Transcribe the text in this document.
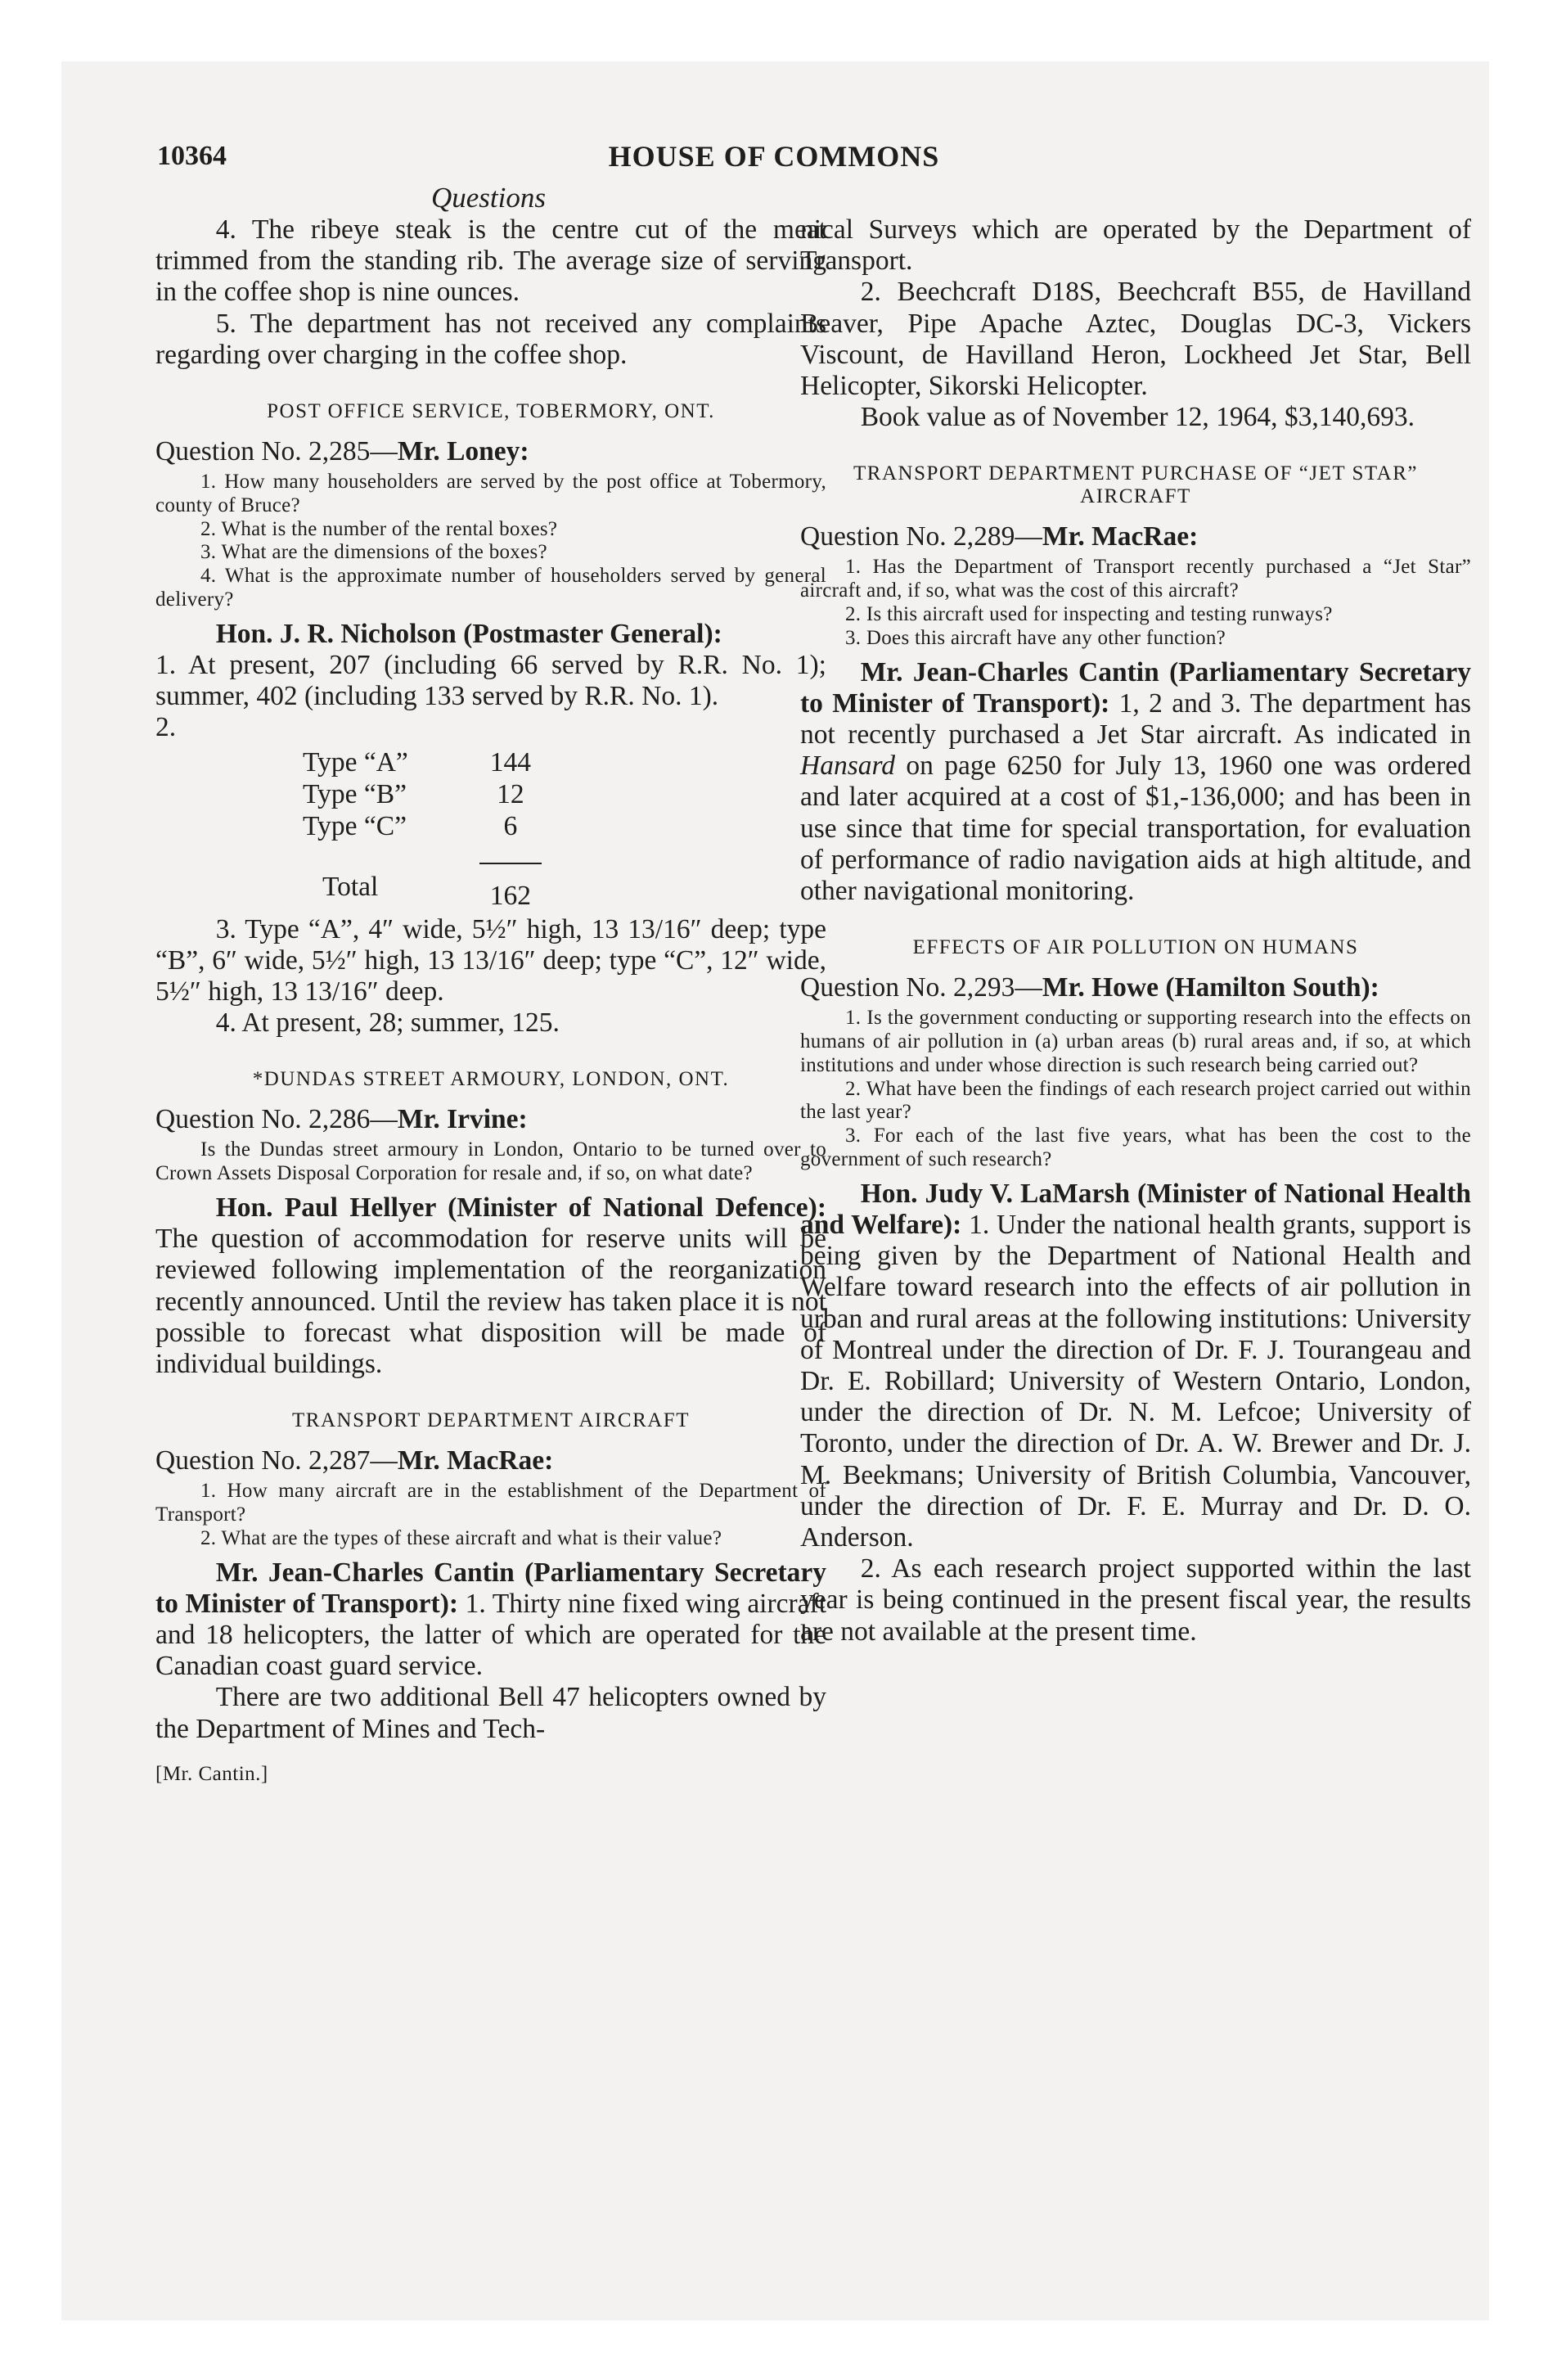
10364	HOUSE OF COMMONS
Questions

4. The ribeye steak is the centre cut of the meat trimmed from the standing rib. The average size of serving in the coffee shop is nine ounces.

5. The department has not received any complaints regarding over charging in the coffee shop.

POST OFFICE SERVICE, TOBERMORY, ONT.

Question No. 2,285—Mr. Loney:

1. How many householders are served by the post office at Tobermory, county of Bruce?

2. What is the number of the rental boxes?

3. What are the dimensions of the boxes?

4. What is the approximate number of householders served by general delivery?

Hon. J. R. Nicholson (Postmaster General):

1. At present, 207 (including 66 served by R.R. No. 1); summer, 402 (including 133 served by R.R. No. 1).

2.

Type “A”	144
Type “B”	12
Type “C”	6
Total	162

3. Type “A”, 4″ wide, 5½″ high, 13 13/16″ deep; type “B”, 6″ wide, 5½″ high, 13 13/16″ deep; type “C”, 12″ wide, 5½″ high, 13 13/16″ deep.

4. At present, 28; summer, 125.

*DUNDAS STREET ARMOURY, LONDON, ONT.

Question No. 2,286—Mr. Irvine:

Is the Dundas street armoury in London, Ontario to be turned over to Crown Assets Disposal Corporation for resale and, if so, on what date?

Hon. Paul Hellyer (Minister of National Defence): The question of accommodation for reserve units will be reviewed following implementation of the reorganization recently announced. Until the review has taken place it is not possible to forecast what disposition will be made of individual buildings.

TRANSPORT DEPARTMENT AIRCRAFT

Question No. 2,287—Mr. MacRae:

1. How many aircraft are in the establishment of the Department of Transport?

2. What are the types of these aircraft and what is their value?

Mr. Jean-Charles Cantin (Parliamentary Secretary to Minister of Transport): 1. Thirty nine fixed wing aircraft and 18 helicopters, the latter of which are operated for the Canadian coast guard service.

There are two additional Bell 47 helicopters owned by the Department of Mines and Tech-

[Mr. Cantin.]

nical Surveys which are operated by the Department of Transport.

2. Beechcraft D18S, Beechcraft B55, de Havilland Beaver, Pipe Apache Aztec, Douglas DC-3, Vickers Viscount, de Havilland Heron, Lockheed Jet Star, Bell Helicopter, Sikorski Helicopter.

Book value as of November 12, 1964, $3,140,693.

TRANSPORT DEPARTMENT PURCHASE OF “JET STAR” AIRCRAFT

Question No. 2,289—Mr. MacRae:

1. Has the Department of Transport recently purchased a “Jet Star” aircraft and, if so, what was the cost of this aircraft?

2. Is this aircraft used for inspecting and testing runways?

3. Does this aircraft have any other function?

Mr. Jean-Charles Cantin (Parliamentary Secretary to Minister of Transport): 1, 2 and 3. The department has not recently purchased a Jet Star aircraft. As indicated in Hansard on page 6250 for July 13, 1960 one was ordered and later acquired at a cost of $1,-136,000; and has been in use since that time for special transportation, for evaluation of performance of radio navigation aids at high altitude, and other navigational monitoring.

EFFECTS OF AIR POLLUTION ON HUMANS

Question No. 2,293—Mr. Howe (Hamilton South):

1. Is the government conducting or supporting research into the effects on humans of air pollution in (a) urban areas (b) rural areas and, if so, at which institutions and under whose direction is such research being carried out?

2. What have been the findings of each research project carried out within the last year?

3. For each of the last five years, what has been the cost to the government of such research?

Hon. Judy V. LaMarsh (Minister of National Health and Welfare): 1. Under the national health grants, support is being given by the Department of National Health and Welfare toward research into the effects of air pollution in urban and rural areas at the following institutions: University of Montreal under the direction of Dr. F. J. Tourangeau and Dr. E. Robillard; University of Western Ontario, London, under the direction of Dr. N. M. Lefcoe; University of Toronto, under the direction of Dr. A. W. Brewer and Dr. J. M. Beekmans; University of British Columbia, Vancouver, under the direction of Dr. F. E. Murray and Dr. D. O. Anderson.

2. As each research project supported within the last year is being continued in the present fiscal year, the results are not available at the present time.
